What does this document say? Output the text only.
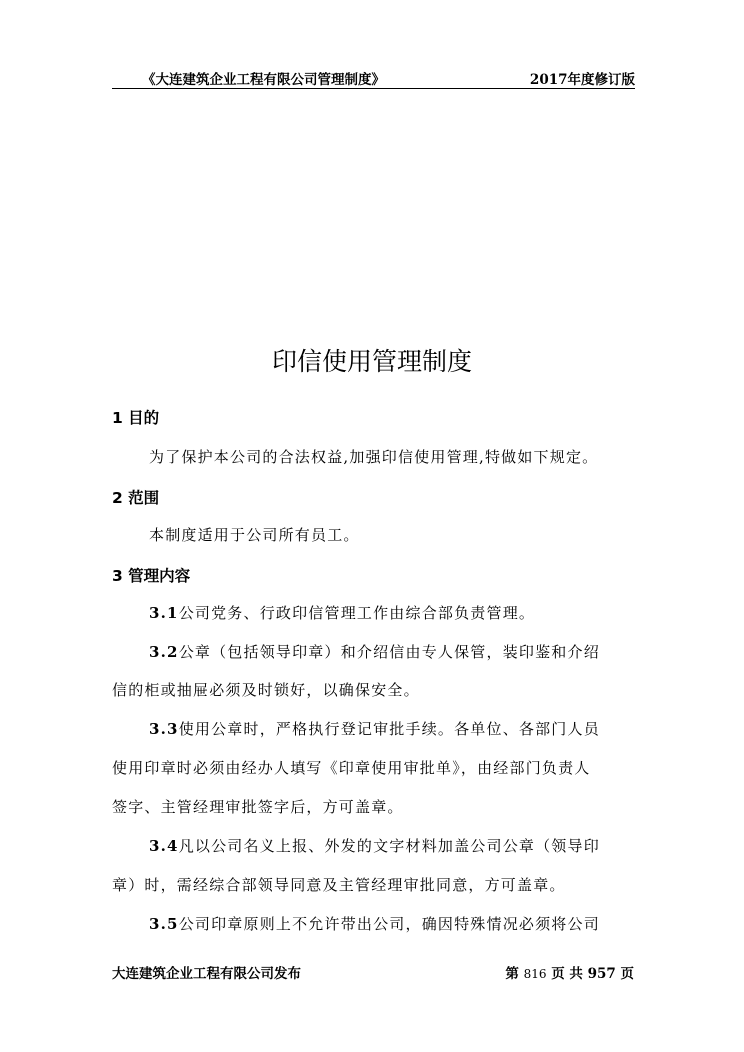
《大连建筑企业工程有限公司管理制度》	2017年度修订版
印信使用管理制度
1 目的
为了保护本公司的合法权益,加强印信使用管理,特做如下规定。
2 范围
本制度适用于公司所有员工。
3 管理内容
3.1公司党务、行政印信管理工作由综合部负责管理。
3.2公章（包括领导印章）和介绍信由专人保管，装印鉴和介绍
信的柜或抽屉必须及时锁好，以确保安全。
3.3使用公章时，严格执行登记审批手续。各单位、各部门人员
使用印章时必须由经办人填写《印章使用审批单》，由经部门负责人
签字、主管经理审批签字后，方可盖章。
3.4凡以公司名义上报、外发的文字材料加盖公司公章（领导印
章）时，需经综合部领导同意及主管经理审批同意，方可盖章。
3.5公司印章原则上不允许带出公司，确因特殊情况必须将公司
大连建筑企业工程有限公司发布	第 816 页 共 957 页
